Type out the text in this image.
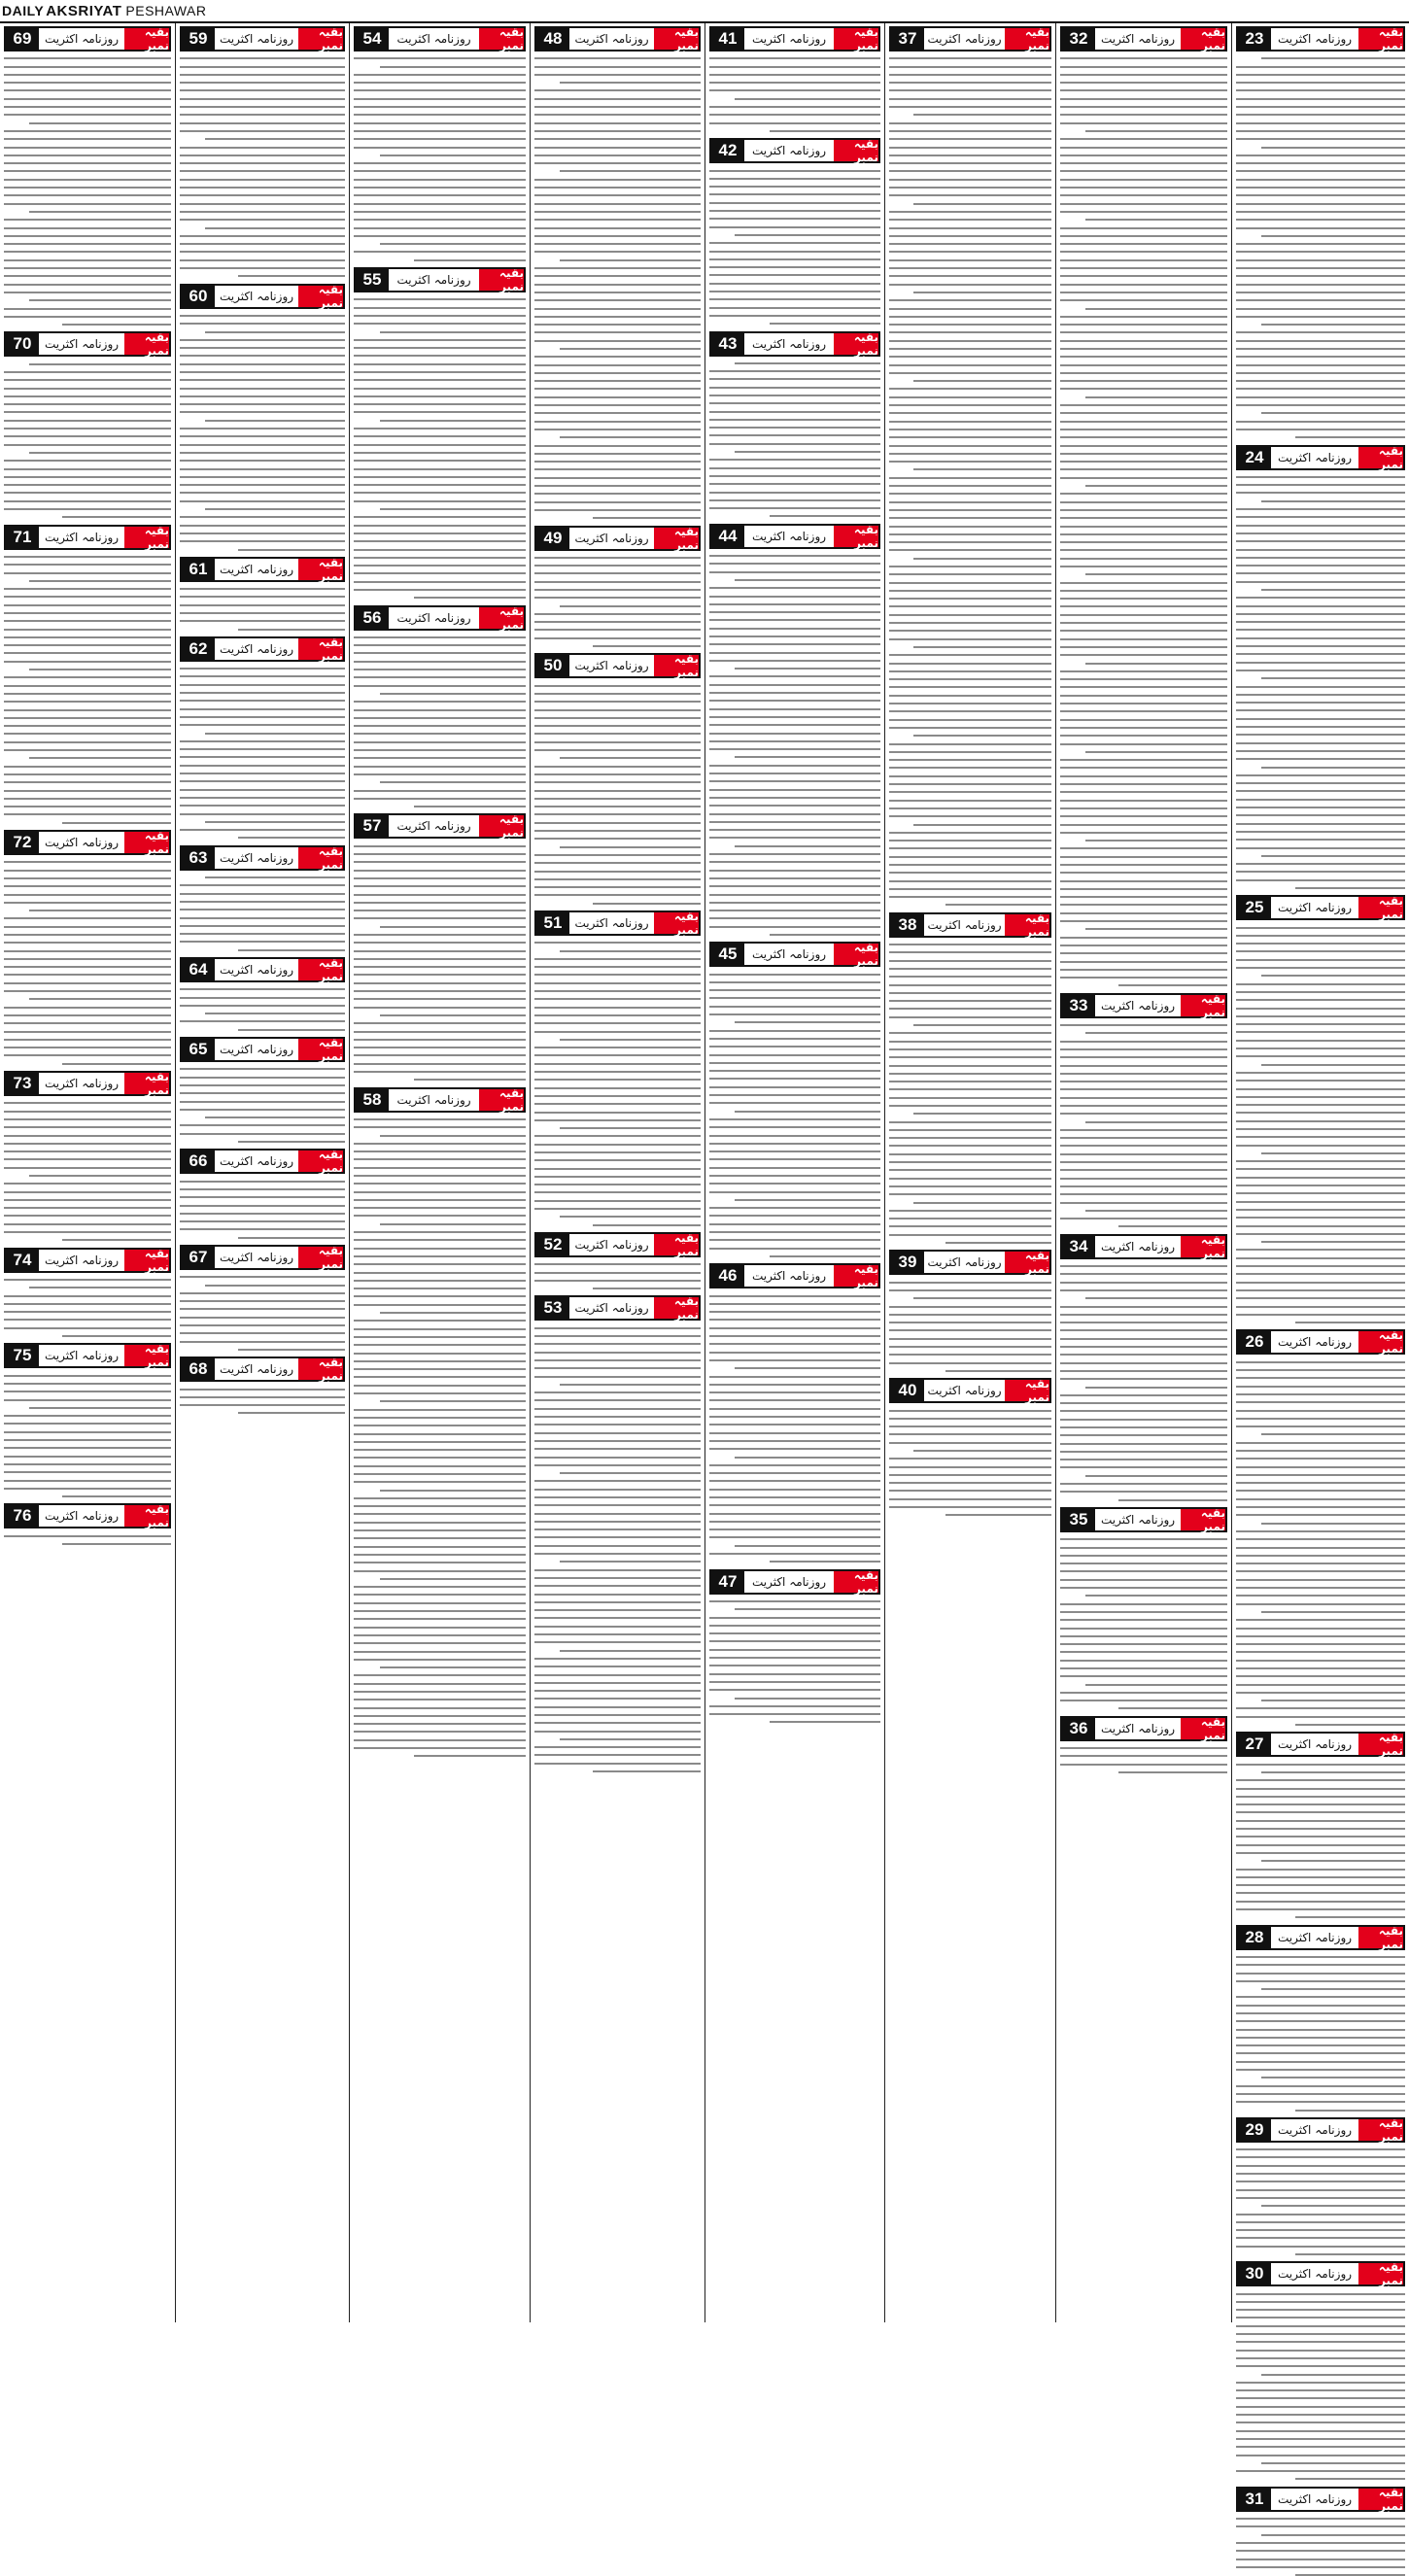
DAILY AKSRIYAT PESHAWAR
23	روزنامہ اکثریت	بقیہ نمبر
24	روزنامہ اکثریت	بقیہ نمبر
25	روزنامہ اکثریت	بقیہ نمبر
26	روزنامہ اکثریت	بقیہ نمبر
27	روزنامہ اکثریت	بقیہ نمبر
28	روزنامہ اکثریت	بقیہ نمبر
29	روزنامہ اکثریت	بقیہ نمبر
30	روزنامہ اکثریت	بقیہ نمبر
31	روزنامہ اکثریت	بقیہ نمبر
32	روزنامہ اکثریت	بقیہ نمبر
33	روزنامہ اکثریت	بقیہ نمبر
34	روزنامہ اکثریت	بقیہ نمبر
35	روزنامہ اکثریت	بقیہ نمبر
36	روزنامہ اکثریت	بقیہ نمبر
37 روزنامہ اکثریت	بقیہ نمبر
38 روزنامہ اکثریت	بقیہ نمبر
39 روزنامہ اکثریت	بقیہ نمبر
40 روزنامہ اکثریت	بقیہ نمبر
41	روزنامہ اکثریت	بقیہ نمبر
42	روزنامہ اکثریت	بقیہ نمبر
43	روزنامہ اکثریت	بقیہ نمبر
44	روزنامہ اکثریت	بقیہ نمبر
45	روزنامہ اکثریت	بقیہ نمبر
46	روزنامہ اکثریت	بقیہ نمبر
47	روزنامہ اکثریت	بقیہ نمبر
48	روزنامہ اکثریت	بقیہ نمبر
49	روزنامہ اکثریت	بقیہ نمبر
50	روزنامہ اکثریت	بقیہ نمبر
51	روزنامہ اکثریت	بقیہ نمبر
52	روزنامہ اکثریت	بقیہ نمبر
53	روزنامہ اکثریت	بقیہ نمبر
54	روزنامہ اکثریت	بقیہ نمبر
55	روزنامہ اکثریت	بقیہ نمبر
56	روزنامہ اکثریت	بقیہ نمبر
57	روزنامہ اکثریت	بقیہ نمبر
58	روزنامہ اکثریت	بقیہ نمبر
59	روزنامہ اکثریت	بقیہ نمبر
60	روزنامہ اکثریت	بقیہ نمبر
61	روزنامہ اکثریت	بقیہ نمبر
62	روزنامہ اکثریت	بقیہ نمبر
63	روزنامہ اکثریت	بقیہ نمبر
64	روزنامہ اکثریت	بقیہ نمبر
65	روزنامہ اکثریت	بقیہ نمبر
66	روزنامہ اکثریت	بقیہ نمبر
67	روزنامہ اکثریت	بقیہ نمبر
68	روزنامہ اکثریت	بقیہ نمبر
69	روزنامہ اکثریت	بقیہ نمبر
70	روزنامہ اکثریت	بقیہ نمبر
71	روزنامہ اکثریت	بقیہ نمبر
72	روزنامہ اکثریت	بقیہ نمبر
73	روزنامہ اکثریت	بقیہ نمبر
74	روزنامہ اکثریت	بقیہ نمبر
75	روزنامہ اکثریت	بقیہ نمبر
76	روزنامہ اکثریت	بقیہ نمبر
